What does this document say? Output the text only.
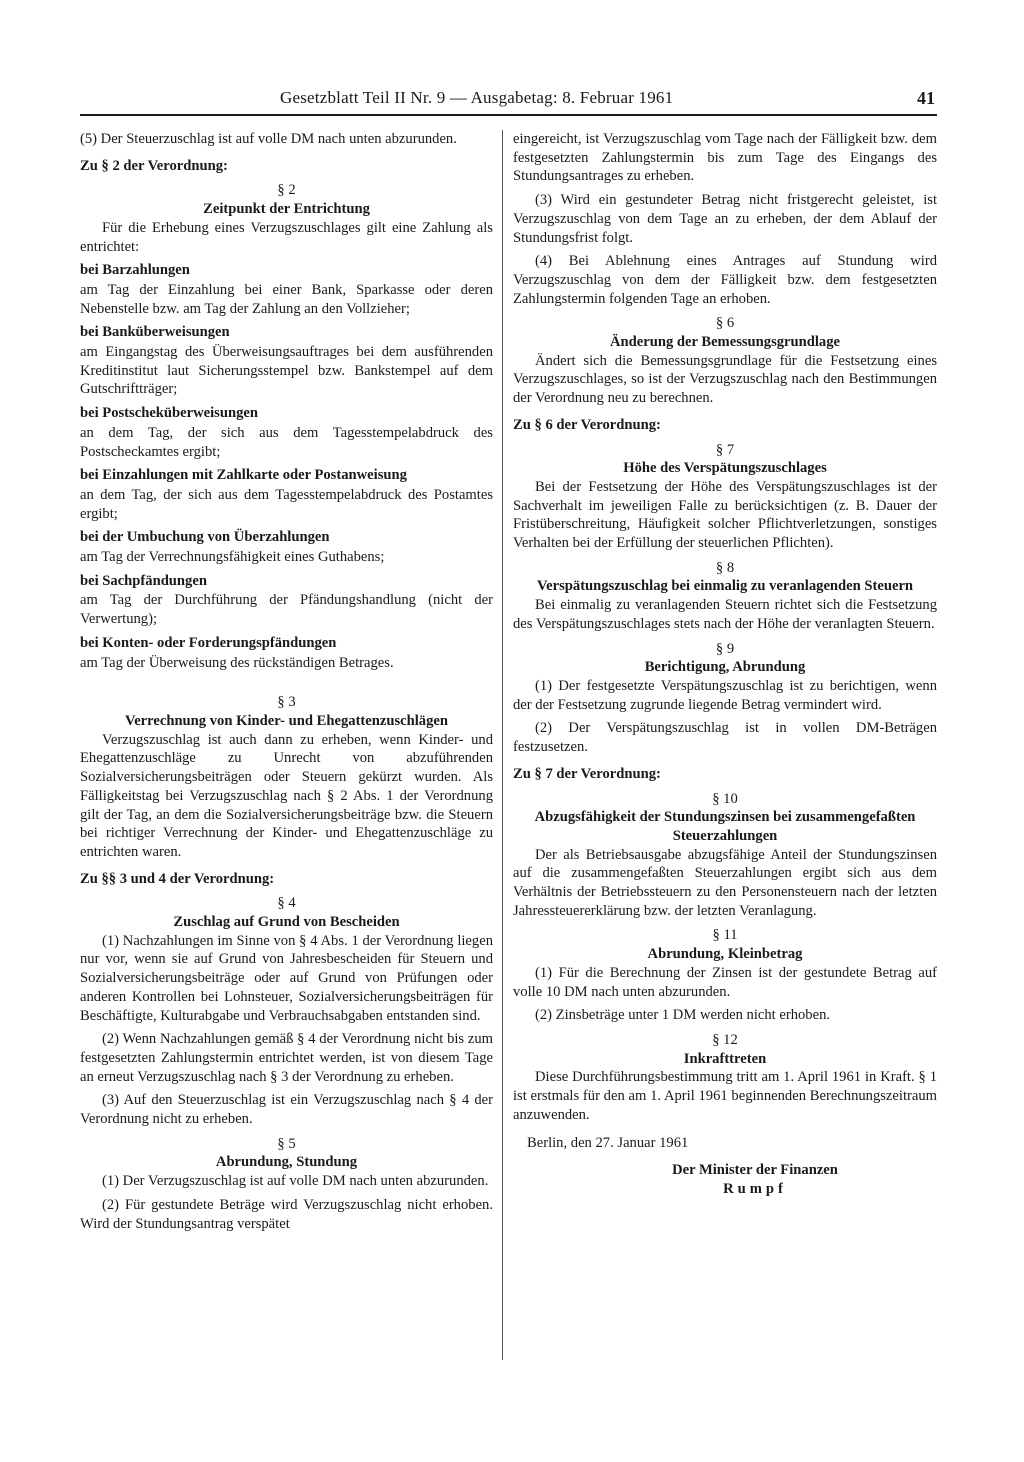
Gesetzblatt Teil II Nr. 9 — Ausgabetag: 8. Februar 1961	41

(5) Der Steuerzuschlag ist auf volle DM nach unten abzurunden.

Zu § 2 der Verordnung:

§ 2

Zeitpunkt der Entrichtung

Für die Erhebung eines Verzugszuschlages gilt eine Zahlung als entrichtet:

bei Barzahlungen

am Tag der Einzahlung bei einer Bank, Sparkasse oder deren Nebenstelle bzw. am Tag der Zahlung an den Vollzieher;

bei Banküberweisungen

am Eingangstag des Überweisungsauftrages bei dem ausführenden Kreditinstitut laut Sicherungsstempel bzw. Bankstempel auf dem Gutschriftträger;

bei Postscheküberweisungen

an dem Tag, der sich aus dem Tagesstempelabdruck des Postscheckamtes ergibt;

bei Einzahlungen mit Zahlkarte oder Postanweisung

an dem Tag, der sich aus dem Tagesstempelabdruck des Postamtes ergibt;

bei der Umbuchung von Überzahlungen

am Tag der Verrechnungsfähigkeit eines Guthabens;

bei Sachpfändungen

am Tag der Durchführung der Pfändungshandlung (nicht der Verwertung);

bei Konten- oder Forderungspfändungen

am Tag der Überweisung des rückständigen Betrages.

§ 3

Verrechnung von Kinder- und Ehegattenzuschlägen

Verzugszuschlag ist auch dann zu erheben, wenn Kinder- und Ehegattenzuschläge zu Unrecht von abzuführenden Sozialversicherungsbeiträgen oder Steuern gekürzt wurden. Als Fälligkeitstag bei Verzugszuschlag nach § 2 Abs. 1 der Verordnung gilt der Tag, an dem die Sozialversicherungsbeiträge bzw. die Steuern bei richtiger Verrechnung der Kinder- und Ehegattenzuschläge zu entrichten waren.

Zu §§ 3 und 4 der Verordnung:

§ 4

Zuschlag auf Grund von Bescheiden

(1) Nachzahlungen im Sinne von § 4 Abs. 1 der Verordnung liegen nur vor, wenn sie auf Grund von Jahresbescheiden für Steuern und Sozialversicherungsbeiträge oder auf Grund von Prüfungen oder anderen Kontrollen bei Lohnsteuer, Sozialversicherungsbeiträgen für Beschäftigte, Kulturabgabe und Verbrauchsabgaben entstanden sind.

(2) Wenn Nachzahlungen gemäß § 4 der Verordnung nicht bis zum festgesetzten Zahlungstermin entrichtet werden, ist von diesem Tage an erneut Verzugszuschlag nach § 3 der Verordnung zu erheben.

(3) Auf den Steuerzuschlag ist ein Verzugszuschlag nach § 4 der Verordnung nicht zu erheben.

§ 5

Abrundung, Stundung

(1) Der Verzugszuschlag ist auf volle DM nach unten abzurunden.

(2) Für gestundete Beträge wird Verzugszuschlag nicht erhoben. Wird der Stundungsantrag verspätet

eingereicht, ist Verzugszuschlag vom Tage nach der Fälligkeit bzw. dem festgesetzten Zahlungstermin bis zum Tage des Eingangs des Stundungsantrages zu erheben.

(3) Wird ein gestundeter Betrag nicht fristgerecht geleistet, ist Verzugszuschlag von dem Tage an zu erheben, der dem Ablauf der Stundungsfrist folgt.

(4) Bei Ablehnung eines Antrages auf Stundung wird Verzugszuschlag von dem der Fälligkeit bzw. dem festgesetzten Zahlungstermin folgenden Tage an erhoben.

§ 6

Änderung der Bemessungsgrundlage

Ändert sich die Bemessungsgrundlage für die Festsetzung eines Verzugszuschlages, so ist der Verzugszuschlag nach den Bestimmungen der Verordnung neu zu berechnen.

Zu § 6 der Verordnung:

§ 7

Höhe des Verspätungszuschlages

Bei der Festsetzung der Höhe des Verspätungszuschlages ist der Sachverhalt im jeweiligen Falle zu berücksichtigen (z. B. Dauer der Fristüberschreitung, Häufigkeit solcher Pflichtverletzungen, sonstiges Verhalten bei der Erfüllung der steuerlichen Pflichten).

§ 8

Verspätungszuschlag bei einmalig zu veranlagenden Steuern

Bei einmalig zu veranlagenden Steuern richtet sich die Festsetzung des Verspätungszuschlages stets nach der Höhe der veranlagten Steuern.

§ 9

Berichtigung, Abrundung

(1) Der festgesetzte Verspätungszuschlag ist zu berichtigen, wenn der der Festsetzung zugrunde liegende Betrag vermindert wird.

(2) Der Verspätungszuschlag ist in vollen DM-Beträgen festzusetzen.

Zu § 7 der Verordnung:

§ 10

Abzugsfähigkeit der Stundungszinsen bei zusammengefaßten Steuerzahlungen

Der als Betriebsausgabe abzugsfähige Anteil der Stundungszinsen auf die zusammengefaßten Steuerzahlungen ergibt sich aus dem Verhältnis der Betriebssteuern zu den Personensteuern nach der letzten Jahressteuererklärung bzw. der letzten Veranlagung.

§ 11

Abrundung, Kleinbetrag

(1) Für die Berechnung der Zinsen ist der gestundete Betrag auf volle 10 DM nach unten abzurunden.

(2) Zinsbeträge unter 1 DM werden nicht erhoben.

§ 12

Inkrafttreten

Diese Durchführungsbestimmung tritt am 1. April 1961 in Kraft. § 1 ist erstmals für den am 1. April 1961 beginnenden Berechnungszeitraum anzuwenden.

Berlin, den 27. Januar 1961

Der Minister der Finanzen

Rumpf
